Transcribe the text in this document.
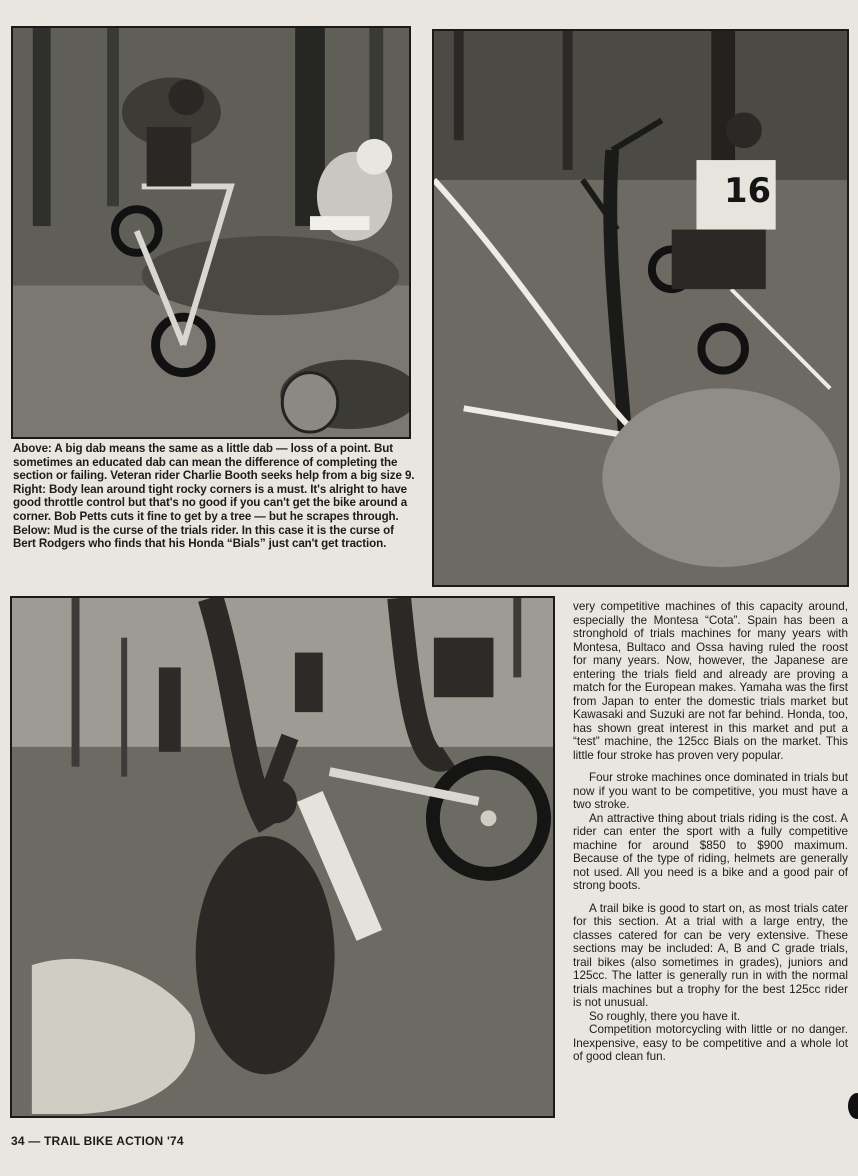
16

Above: A big dab means the same as a little dab — loss of a point. But sometimes an educated dab can mean the difference of completing the section or failing. Veteran rider Charlie Booth seeks help from a big size 9.

Right: Body lean around tight rocky corners is a must. It's alright to have good throttle control but that's no good if you can't get the bike around a corner. Bob Petts cuts it fine to get by a tree — but he scrapes through.

Below: Mud is the curse of the trials rider. In this case it is the curse of Bert Rodgers who finds that his Honda “Bials” just can't get traction.

very competitive machines of this capacity around, especially the Montesa “Cota”. Spain has been a stronghold of trials machines for many years with Montesa, Bultaco and Ossa having ruled the roost for many years. Now, however, the Japanese are entering the trials field and already are proving a match for the European makes. Yamaha was the first from Japan to enter the domestic trials market but Kawasaki and Suzuki are not far behind. Honda, too, has shown great interest in this market and put a “test” machine, the 125cc Bials on the market. This little four stroke has proven very popular.

Four stroke machines once dominated in trials but now if you want to be competitive, you must have a two stroke.

An attractive thing about trials riding is the cost. A rider can enter the sport with a fully competitive machine for around $850 to $900 maximum. Because of the type of riding, helmets are generally not used. All you need is a bike and a good pair of strong boots.

A trail bike is good to start on, as most trials cater for this section. At a trial with a large entry, the classes catered for can be very extensive. These sections may be included: A, B and C grade trials, trail bikes (also sometimes in grades), juniors and 125cc. The latter is generally run in with the normal trials machines but a trophy for the best 125cc rider is not unusual.

So roughly, there you have it.

Competition motorcycling with little or no danger. Inexpensive, easy to be competitive and a whole lot of good clean fun.

34 — TRAIL BIKE ACTION '74
